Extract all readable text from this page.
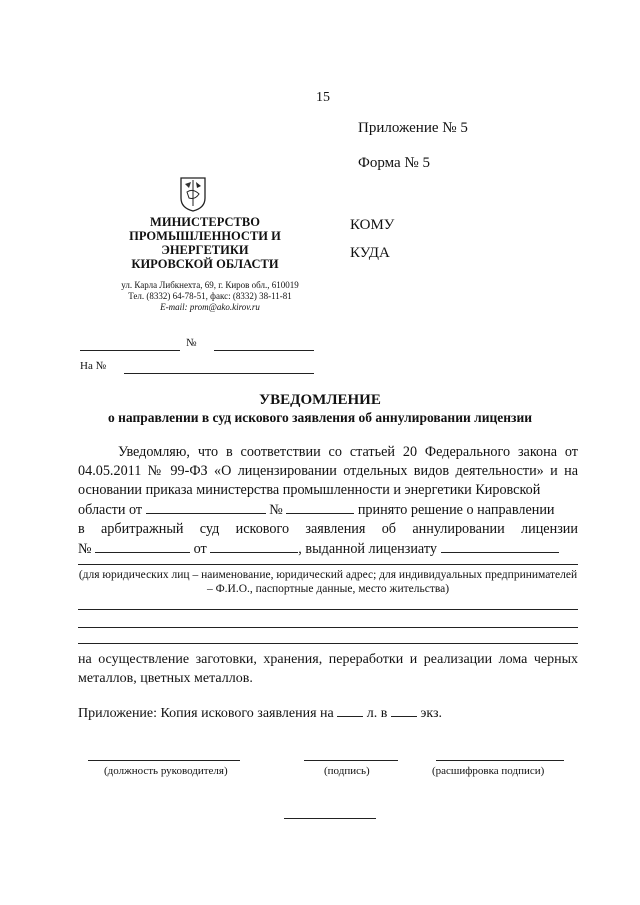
15
Приложение № 5
Форма № 5
МИНИСТЕРСТВО
ПРОМЫШЛЕННОСТИ И
ЭНЕРГЕТИКИ
КИРОВСКОЙ ОБЛАСТИ
ул. Карла Либкнехта, 69, г. Киров обл., 610019
Тел. (8332) 64-78-51, факс: (8332) 38-11-81
E-mail: prom@ako.kirov.ru
КОМУ
КУДА
№
На №
УВЕДОМЛЕНИЕ
о направлении в суд искового заявления об аннулировании лицензии

Уведомляю, что в соответствии со статьей 20 Федерального закона от 04.05.2011 № 99-ФЗ «О лицензировании отдельных видов деятельности» и на основании приказа министерства промышленности и энергетики Кировской

области от	№	принято решение о направлении

в арбитражный суд искового заявления об аннулировании лицензии

№	от	, выданной лицензиату

(для юридических лиц – наименование, юридический адрес; для индивидуальных предпринимателей – Ф.И.О., паспортные данные, место жительства)
на осуществление заготовки, хранения, переработки и реализации лома черных металлов, цветных металлов.
Приложение: Копия искового заявления на л. в экз.
(должность руководителя)	(подпись)	(расшифровка подписи)
